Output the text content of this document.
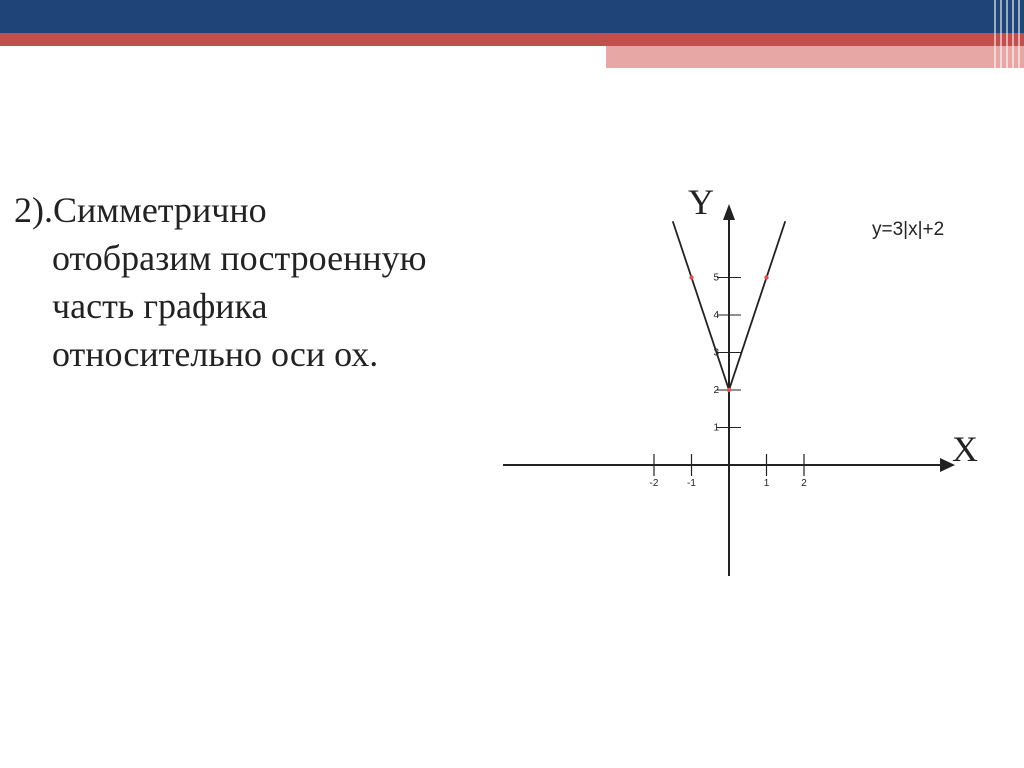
2).Симметрично
отобразим построенную
часть графика
относительно оси ох.
y=3|x|+2
Y
X
-2	-1	1	2
1
2
3
4
5
